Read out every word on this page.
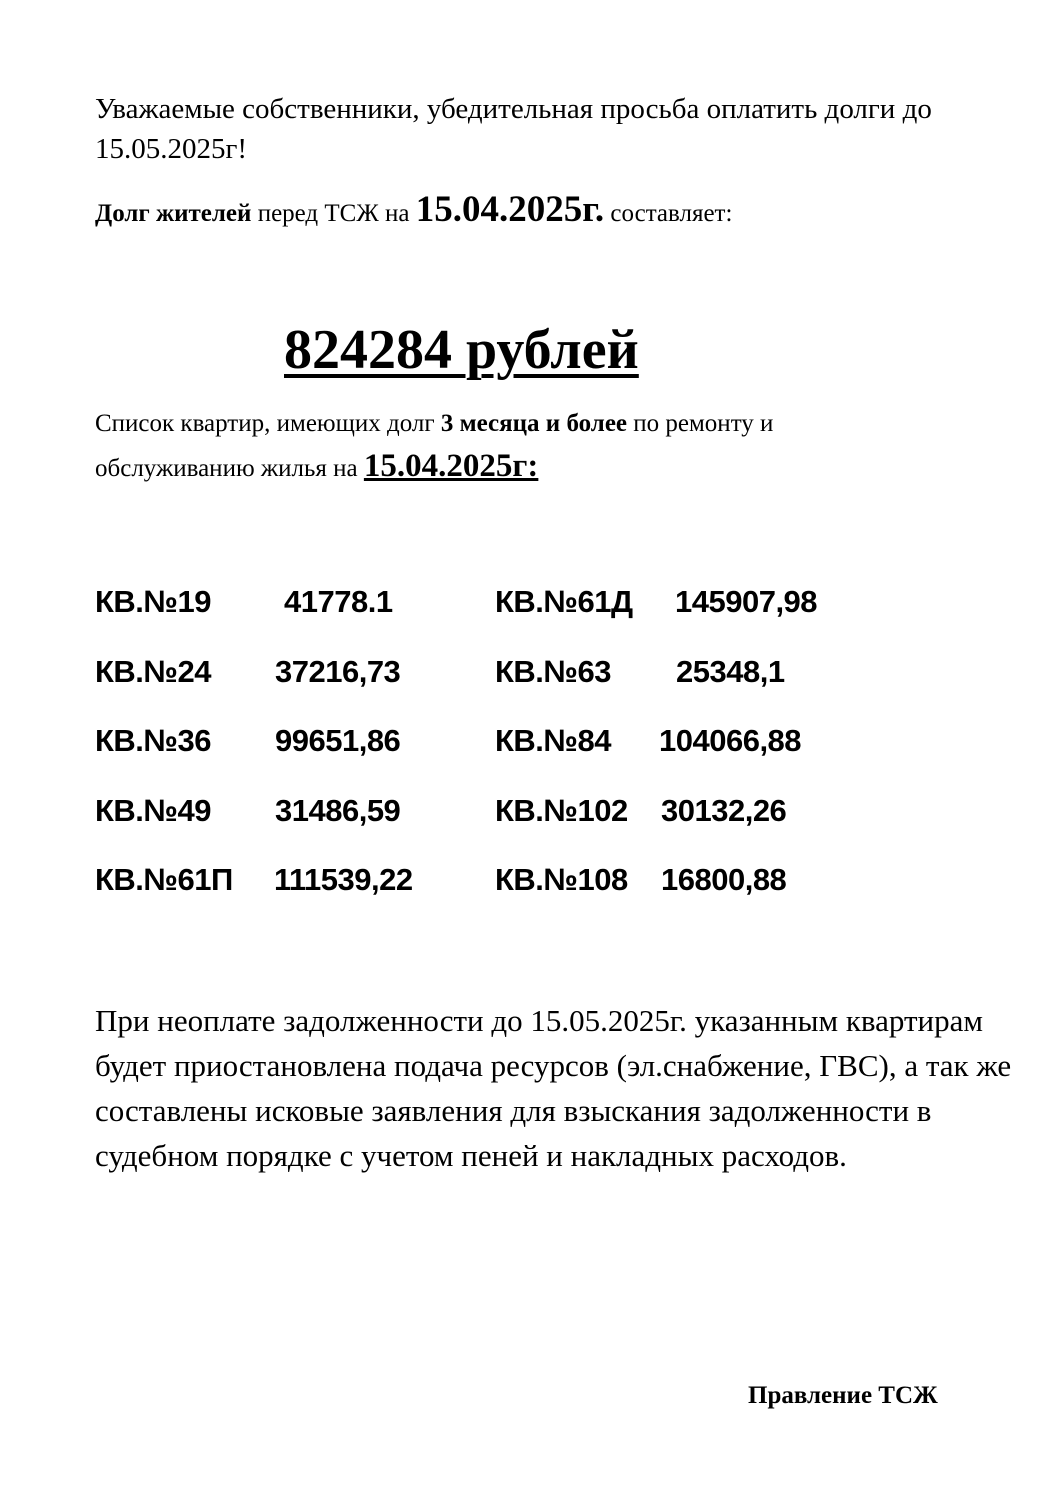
Уважаемые собственники, убедительная просьба оплатить долги до 15.05.2025г!
Долг жителей перед ТСЖ на 15.04.2025г. составляет:
824284 рублей
Список квартир, имеющих долг 3 месяца и более по ремонту и
обслуживанию жилья на 15.04.2025г:
КВ.№19 41778.1
КВ.№24 37216,73
КВ.№36 99651,86
КВ.№49 31486,59
КВ.№61П 111539,22
КВ.№61Д 145907,98
КВ.№63 25348,1
КВ.№84 104066,88
КВ.№102 30132,26
КВ.№108 16800,88
При неоплате задолженности до 15.05.2025г. указанным квартирам будет приостановлена подача ресурсов (эл.снабжение, ГВС), а так же составлены исковые заявления для взыскания задолженности в судебном порядке с учетом пеней и накладных расходов.
Правление ТСЖ
